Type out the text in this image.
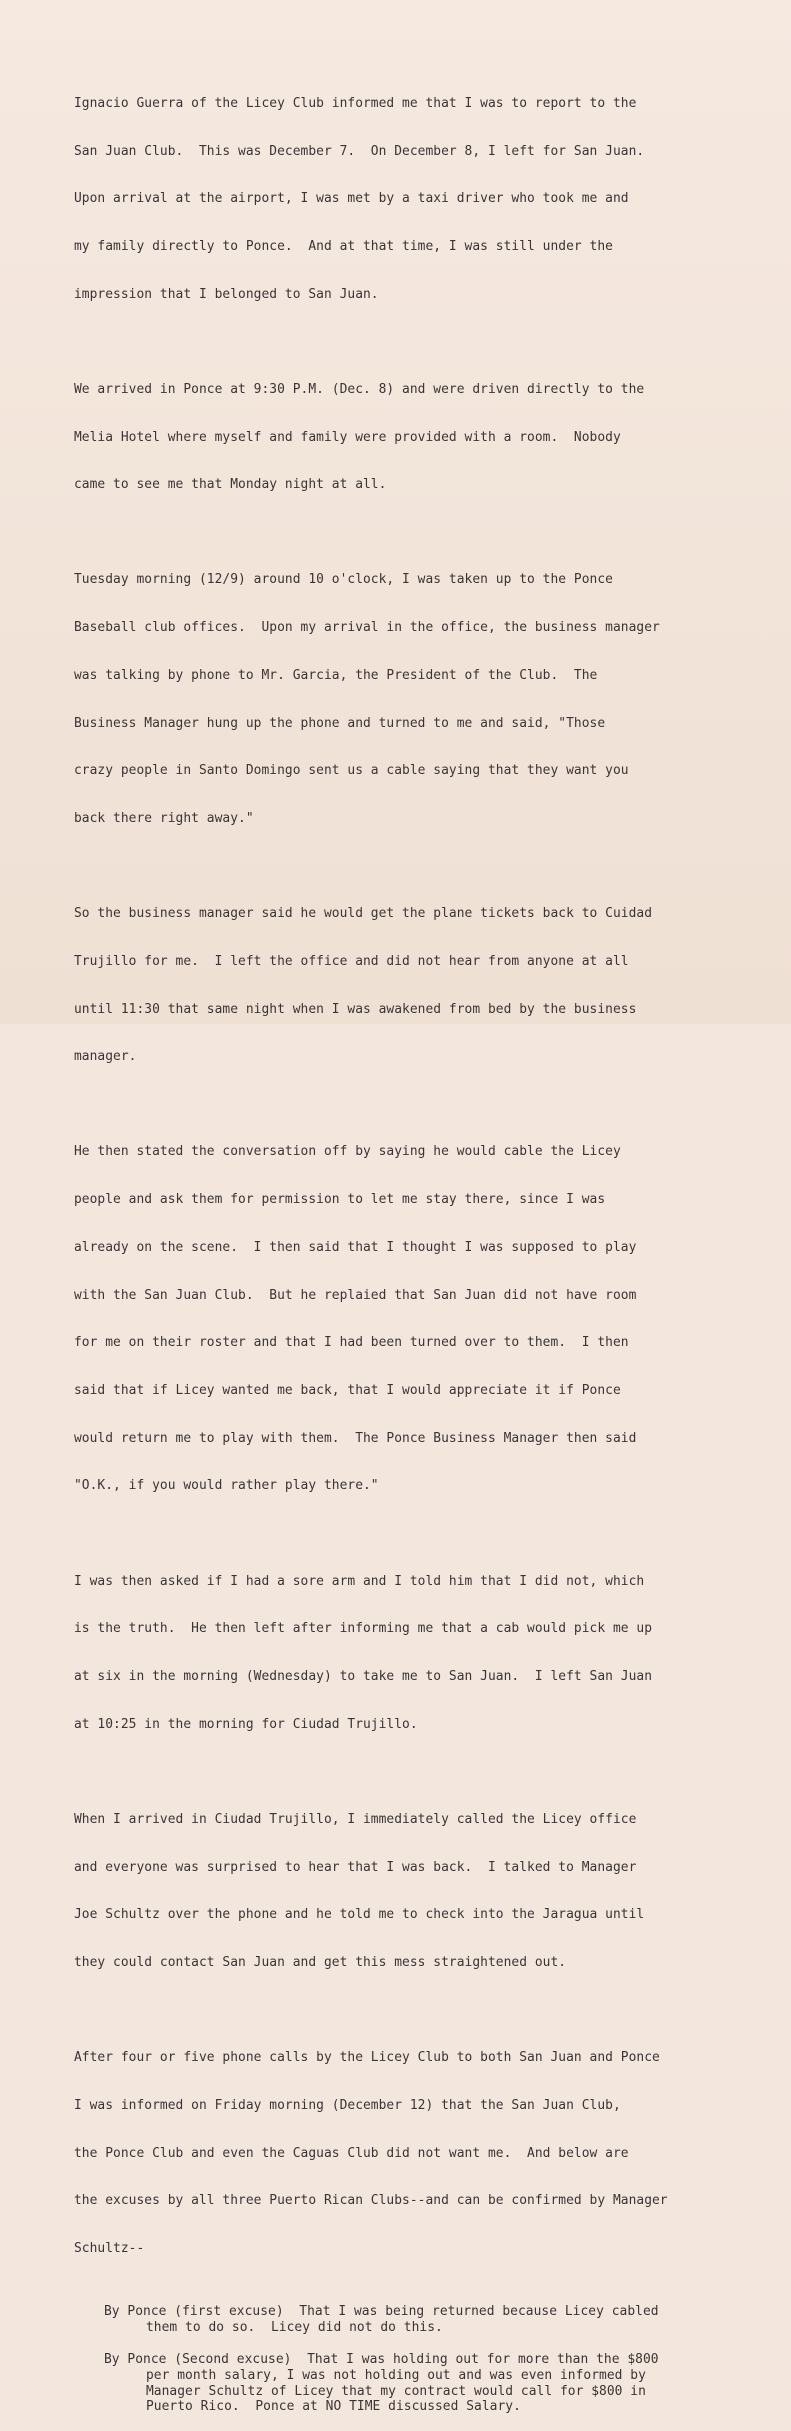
Ignacio Guerra of the Licey Club informed me that I was to report to the

San Juan Club.  This was December 7.  On December 8, I left for San Juan.

Upon arrival at the airport, I was met by a taxi driver who took me and

my family directly to Ponce.  And at that time, I was still under the

impression that I belonged to San Juan.

We arrived in Ponce at 9:30 P.M. (Dec. 8) and were driven directly to the

Melia Hotel where myself and family were provided with a room.  Nobody

came to see me that Monday night at all.

Tuesday morning (12/9) around 10 o'clock, I was taken up to the Ponce

Baseball club offices.  Upon my arrival in the office, the business manager

was talking by phone to Mr. Garcia, the President of the Club.  The

Business Manager hung up the phone and turned to me and said, "Those

crazy people in Santo Domingo sent us a cable saying that they want you

back there right away."

So the business manager said he would get the plane tickets back to Cuidad

Trujillo for me.  I left the office and did not hear from anyone at all

until 11:30 that same night when I was awakened from bed by the business

manager.

He then stated the conversation off by saying he would cable the Licey

people and ask them for permission to let me stay there, since I was

already on the scene.  I then said that I thought I was supposed to play

with the San Juan Club.  But he replaied that San Juan did not have room

for me on their roster and that I had been turned over to them.  I then

said that if Licey wanted me back, that I would appreciate it if Ponce

would return me to play with them.  The Ponce Business Manager then said

"O.K., if you would rather play there."

I was then asked if I had a sore arm and I told him that I did not, which

is the truth.  He then left after informing me that a cab would pick me up

at six in the morning (Wednesday) to take me to San Juan.  I left San Juan

at 10:25 in the morning for Ciudad Trujillo.

When I arrived in Ciudad Trujillo, I immediately called the Licey office

and everyone was surprised to hear that I was back.  I talked to Manager

Joe Schultz over the phone and he told me to check into the Jaragua until

they could contact San Juan and get this mess straightened out.

After four or five phone calls by the Licey Club to both San Juan and Ponce

I was informed on Friday morning (December 12) that the San Juan Club,

the Ponce Club and even the Caguas Club did not want me.  And below are

the excuses by all three Puerto Rican Clubs--and can be confirmed by Manager

Schultz--

By Ponce (first excuse)  That I was being returned because Licey cabled
them to do so.  Licey did not do this.
By Ponce (Second excuse)  That I was holding out for more than the $800
per month salary, I was not holding out and was even informed by
Manager Schultz of Licey that my contract would call for $800 in
Puerto Rico.  Ponce at NO TIME discussed Salary.
